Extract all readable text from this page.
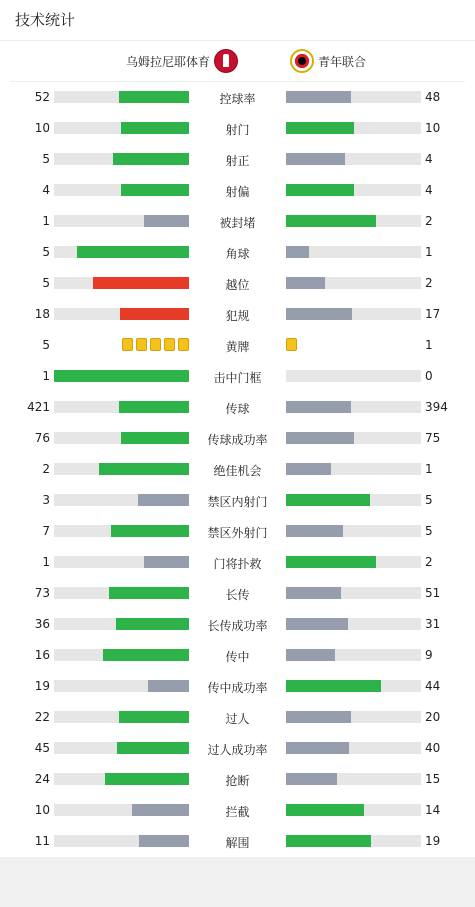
技术统计
乌姆拉尼耶体育	青年联合
52	控球率	48
10	射门	10
5	射正	4
4	射偏	4
1	被封堵	2
5	角球	1
5	越位	2
18	犯规	17
5	黄牌	1
1	击中门框	0
421	传球	394
76	传球成功率	75
2	绝佳机会	1
3	禁区内射门	5
7	禁区外射门	5
1	门将扑救	2
73	长传	51
36	长传成功率	31
16	传中	9
19	传中成功率	44
22	过人	20
45	过人成功率	40
24	抢断	15
10	拦截	14
11	解围	19
